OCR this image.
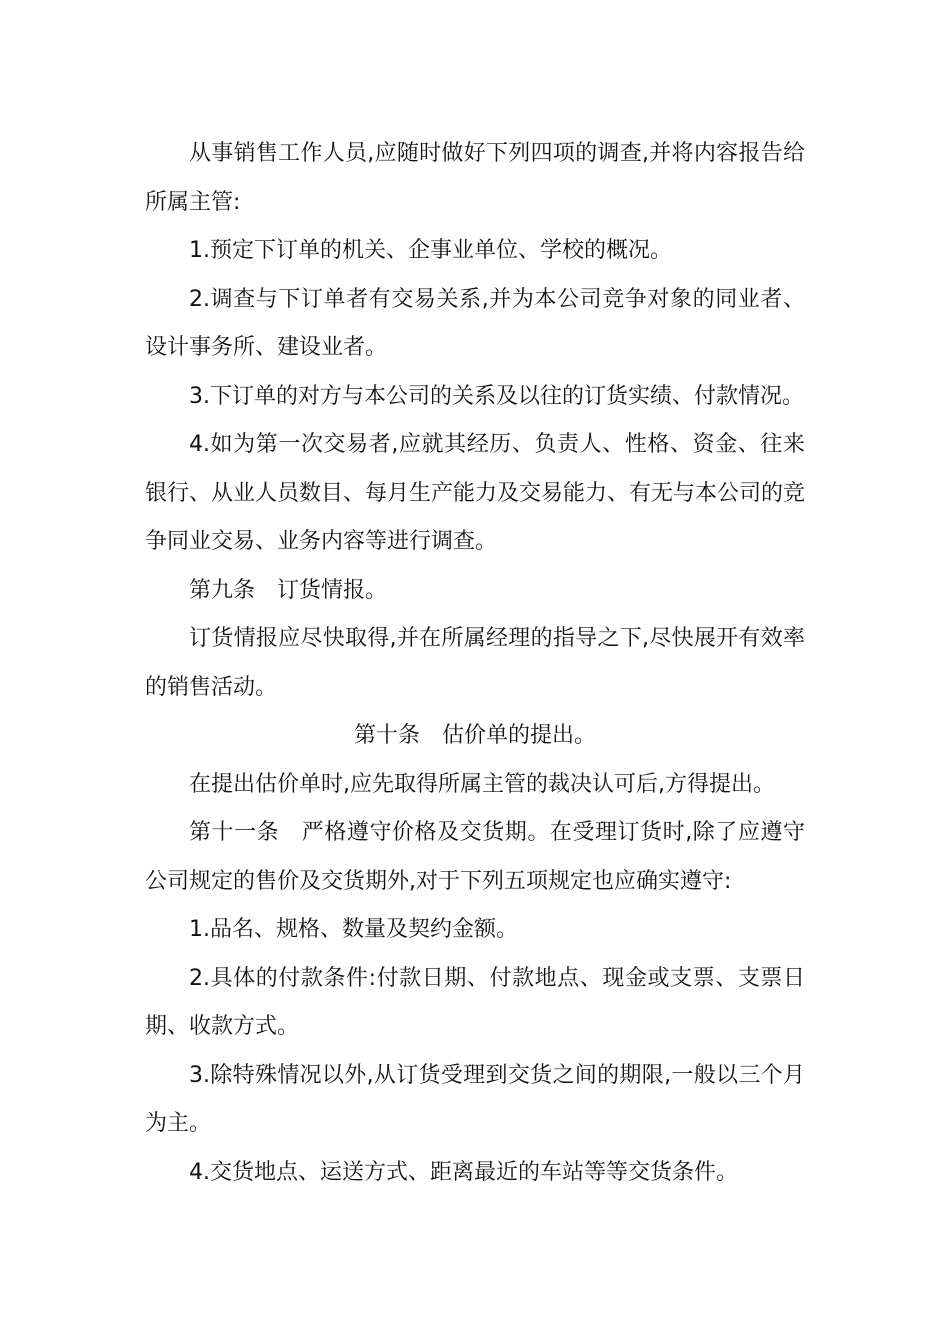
从事销售工作人员,应随时做好下列四项的调查,并将内容报告给所属主管:

1.预定下订单的机关、企事业单位、学校的概况。

2.调查与下订单者有交易关系,并为本公司竞争对象的同业者、设计事务所、建设业者。

3.下订单的对方与本公司的关系及以往的订货实绩、付款情况。

4.如为第一次交易者,应就其经历、负责人、性格、资金、往来银行、从业人员数目、每月生产能力及交易能力、有无与本公司的竞争同业交易、业务内容等进行调查。

第九条　订货情报。

订货情报应尽快取得,并在所属经理的指导之下,尽快展开有效率的销售活动。

第十条　估价单的提出。

在提出估价单时,应先取得所属主管的裁决认可后,方得提出。

第十一条　严格遵守价格及交货期。在受理订货时,除了应遵守公司规定的售价及交货期外,对于下列五项规定也应确实遵守:

1.品名、规格、数量及契约金额。

2.具体的付款条件:付款日期、付款地点、现金或支票、支票日期、收款方式。

3.除特殊情况以外,从订货受理到交货之间的期限,一般以三个月为主。

4.交货地点、运送方式、距离最近的车站等等交货条件。
